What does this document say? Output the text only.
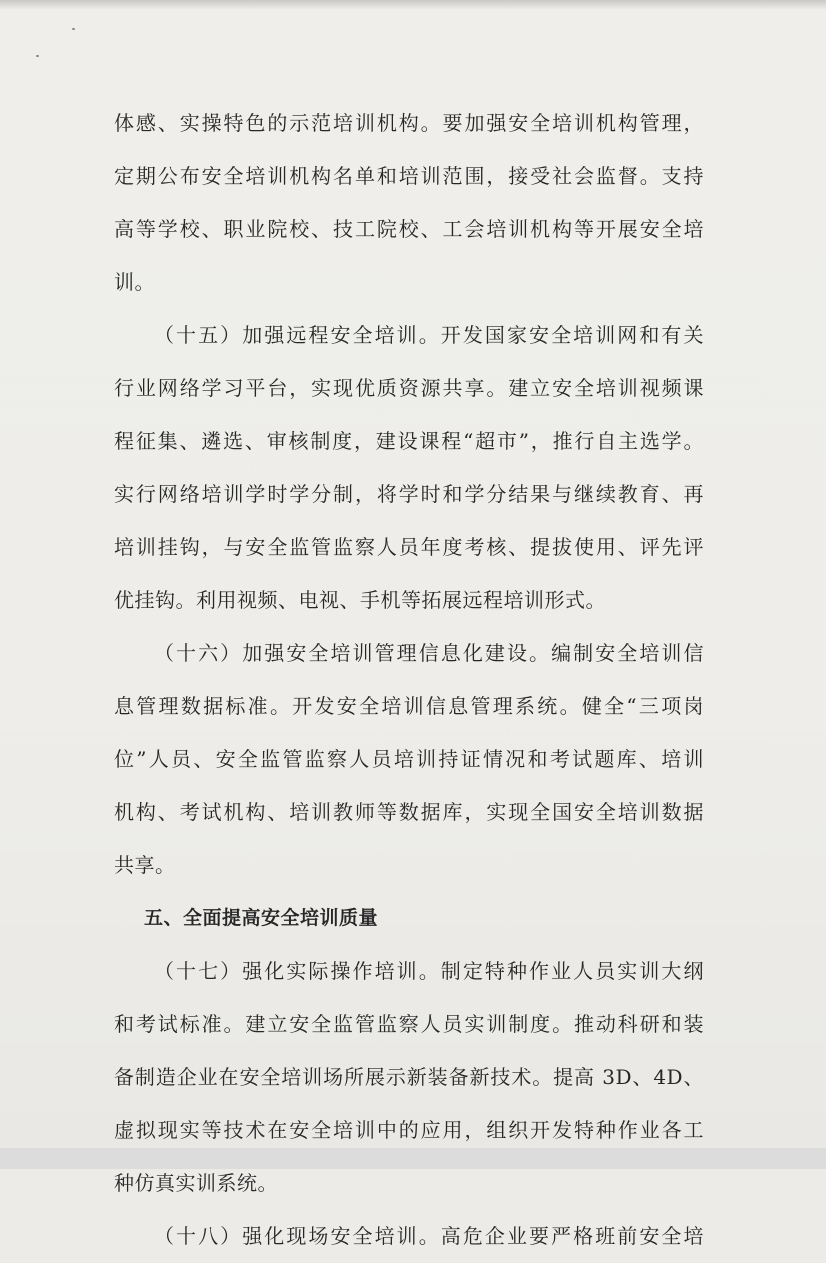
体感、实操特色的示范培训机构。要加强安全培训机构管理，
定期公布安全培训机构名单和培训范围，接受社会监督。支持
高等学校、职业院校、技工院校、工会培训机构等开展安全培
训。
（十五）加强远程安全培训。开发国家安全培训网和有关
行业网络学习平台，实现优质资源共享。建立安全培训视频课
程征集、遴选、审核制度，建设课程“超市”，推行自主选学。
实行网络培训学时学分制，将学时和学分结果与继续教育、再
培训挂钩，与安全监管监察人员年度考核、提拔使用、评先评
优挂钩。利用视频、电视、手机等拓展远程培训形式。
（十六）加强安全培训管理信息化建设。编制安全培训信
息管理数据标准。开发安全培训信息管理系统。健全“三项岗
位”人员、安全监管监察人员培训持证情况和考试题库、培训
机构、考试机构、培训教师等数据库，实现全国安全培训数据
共享。
五、全面提高安全培训质量
（十七）强化实际操作培训。制定特种作业人员实训大纲
和考试标准。建立安全监管监察人员实训制度。推动科研和装
备制造企业在安全培训场所展示新装备新技术。提高 3D、4D、
虚拟现实等技术在安全培训中的应用，组织开发特种作业各工
种仿真实训系统。
（十八）强化现场安全培训。高危企业要严格班前安全培
